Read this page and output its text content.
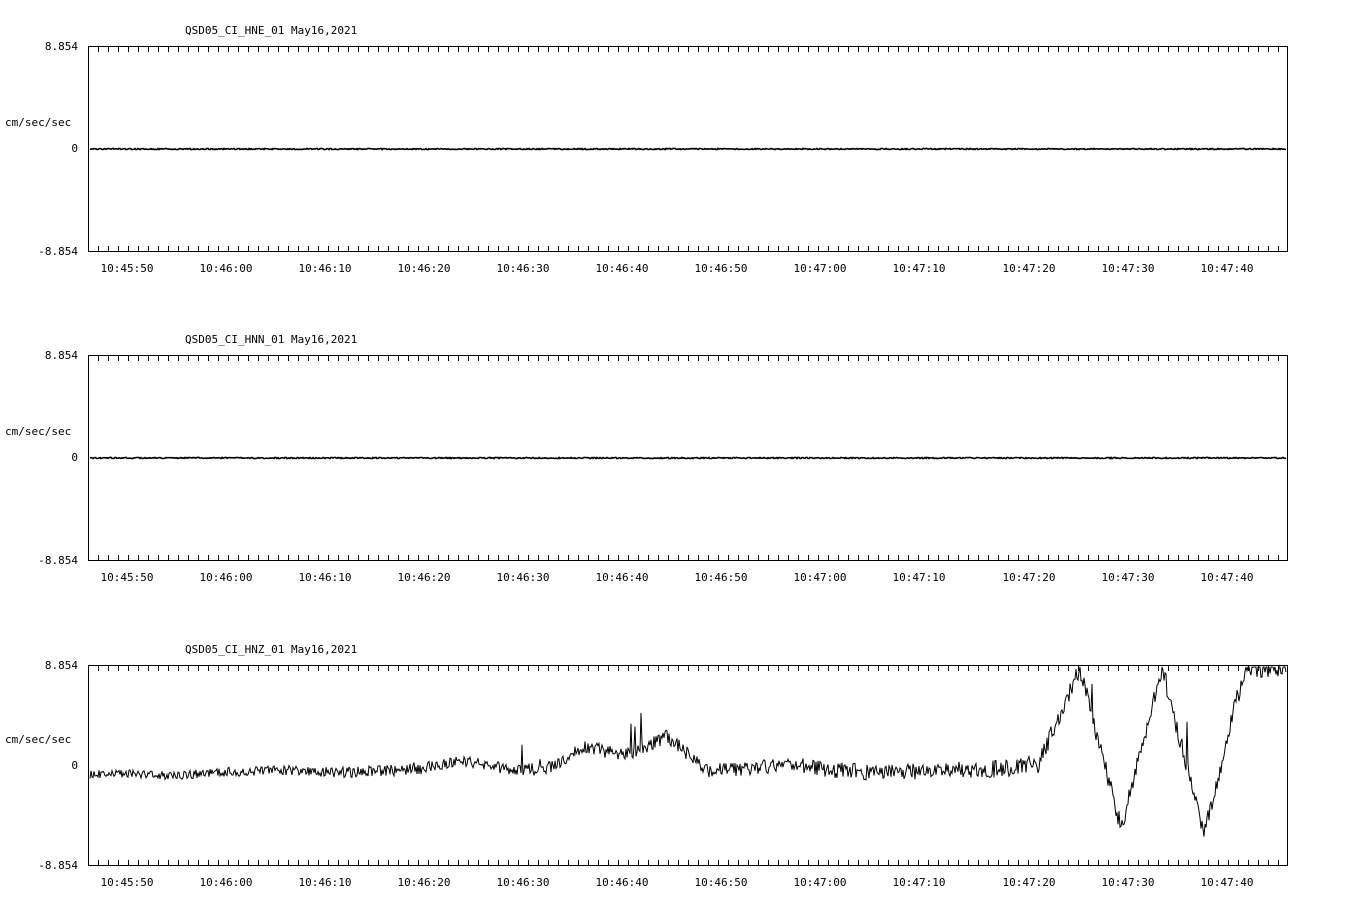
QSD05_CI_HNE_01 May16,2021
cm/sec/sec
8.854
0
-8.854
10:45:50	10:46:00	10:46:10	10:46:20	10:46:30	10:46:40	10:46:50	10:47:00	10:47:10	10:47:20	10:47:30	10:47:40
QSD05_CI_HNN_01 May16,2021
cm/sec/sec
8.854
0
-8.854
10:45:50	10:46:00	10:46:10	10:46:20	10:46:30	10:46:40	10:46:50	10:47:00	10:47:10	10:47:20	10:47:30	10:47:40
QSD05_CI_HNZ_01 May16,2021
cm/sec/sec
8.854
0
-8.854
10:45:50	10:46:00	10:46:10	10:46:20	10:46:30	10:46:40	10:46:50	10:47:00	10:47:10	10:47:20	10:47:30	10:47:40
